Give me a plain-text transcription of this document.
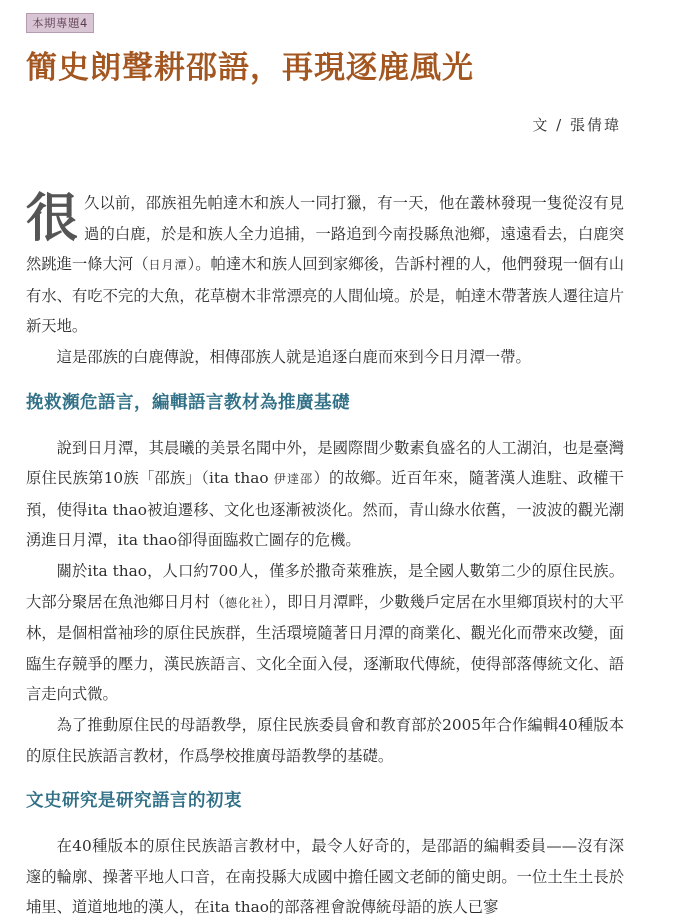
本期專題4
簡史朗聲耕邵語，再現逐鹿風光
文 / 張倩瑋

很久以前，邵族祖先帕達木和族人一同打獵，有一天，他在叢林發現一隻從沒有見過的白鹿，於是和族人全力追捕，一路追到今南投縣魚池鄉，遠遠看去，白鹿突然跳進一條大河（日月潭）。帕達木和族人回到家鄉後，告訴村裡的人，他們發現一個有山有水、有吃不完的大魚，花草樹木非常漂亮的人間仙境。於是，帕達木帶著族人遷往這片新天地。

這是邵族的白鹿傳說，相傳邵族人就是追逐白鹿而來到今日月潭一帶。

挽救瀕危語言，編輯語言教材為推廣基礎

說到日月潭，其晨曦的美景名聞中外，是國際間少數素負盛名的人工湖泊，也是臺灣原住民族第10族「邵族」（ita thao 伊達邵）的故鄉。近百年來，隨著漢人進駐、政權干預，使得ita thao被迫遷移、文化也逐漸被淡化。然而，青山綠水依舊，一波波的觀光潮湧進日月潭，ita thao卻得面臨救亡圖存的危機。

關於ita thao，人口約700人，僅多於撒奇萊雅族，是全國人數第二少的原住民族。大部分聚居在魚池鄉日月村（德化社），即日月潭畔，少數幾戶定居在水里鄉頂崁村的大平林，是個相當袖珍的原住民族群，生活環境隨著日月潭的商業化、觀光化而帶來改變，面臨生存競爭的壓力，漢民族語言、文化全面入侵，逐漸取代傳統，使得部落傳統文化、語言走向式微。

為了推動原住民的母語教學，原住民族委員會和教育部於2005年合作編輯40種版本的原住民族語言教材，作爲學校推廣母語教學的基礎。

文史研究是研究語言的初衷

在40種版本的原住民族語言教材中，最令人好奇的，是邵語的編輯委員——沒有深邃的輪廓、操著平地人口音，在南投縣大成國中擔任國文老師的簡史朗。一位土生土長於埔里、道道地地的漢人，在ita thao的部落裡會說傳統母語的族人已寥
